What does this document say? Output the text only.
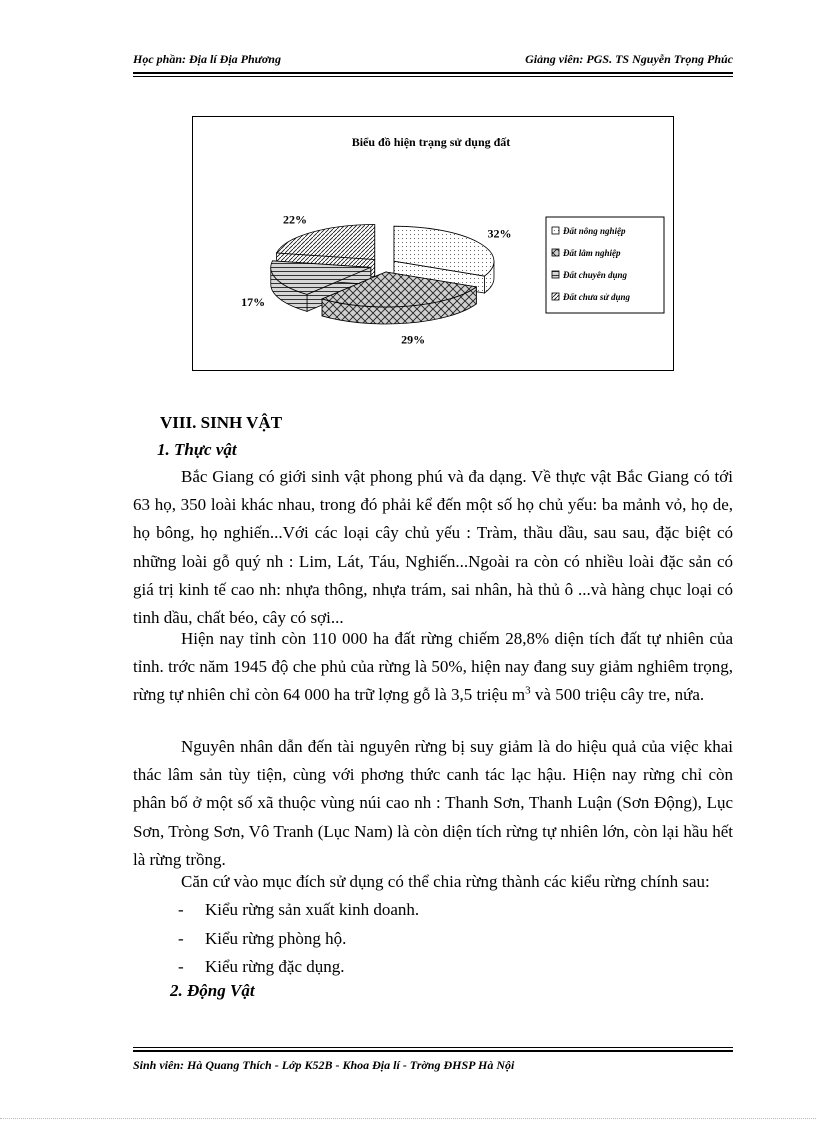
Học phần: Địa lí Địa Phương	Giảng viên: PGS. TS Nguyễn Trọng Phúc
Biểu đồ hiện trạng sử dụng đất
32%
29%
17%
22%
Đất nông nghiệp
Đất lâm nghiệp
Đất chuyên dụng
Đất chưa sử dụng
VIII. SINH VẬT
1. Thực vật

Bắc Giang có giới sinh vật phong phú và đa dạng. Về thực vật Bắc Giang có tới 63 họ, 350 loài khác nhau, trong đó phải kể đến một số họ chủ yếu: ba mảnh vỏ, họ de, họ bông, họ nghiến...Với các loại cây chủ yếu : Tràm, thầu dầu, sau sau, đặc biệt có những loài gỗ quý nh : Lim, Lát, Táu, Nghiến...Ngoài ra còn có nhiều loài đặc sản có giá trị kinh tế cao nh: nhựa thông, nhựa trám, sai nhân, hà thủ ô ...và hàng chục loại có tinh dầu, chất béo, cây có sợi...

Hiện nay tỉnh còn 110 000 ha đất rừng chiếm 28,8% diện tích đất tự nhiên của tỉnh. trớc năm 1945 độ che phủ của rừng là 50%, hiện nay đang suy giảm nghiêm trọng, rừng tự nhiên chỉ còn 64 000 ha trữ lợng gỗ là 3,5 triệu $m^3$ và 500 triệu cây tre, nứa.

Nguyên nhân dẫn đến tài nguyên rừng bị suy giảm là do hiệu quả của việc khai thác lâm sản tùy tiện, cùng với phơng thức canh tác lạc hậu. Hiện nay rừng chỉ còn phân bố ở một số xã thuộc vùng núi cao nh : Thanh Sơn, Thanh Luận (Sơn Động), Lục Sơn, Tròng Sơn, Vô Tranh (Lục Nam) là còn diện tích rừng tự nhiên lớn, còn lại hầu hết là rừng trồng.

Căn cứ vào mục đích sử dụng có thể chia rừng thành các kiểu rừng chính sau:

- Kiểu rừng sản xuất kinh doanh.
- Kiểu rừng phòng hộ.
- Kiểu rừng đặc dụng.
2. Động Vật
Sinh viên: Hà Quang Thích - Lớp K52B - Khoa Địa lí - Trờng ĐHSP Hà Nội
